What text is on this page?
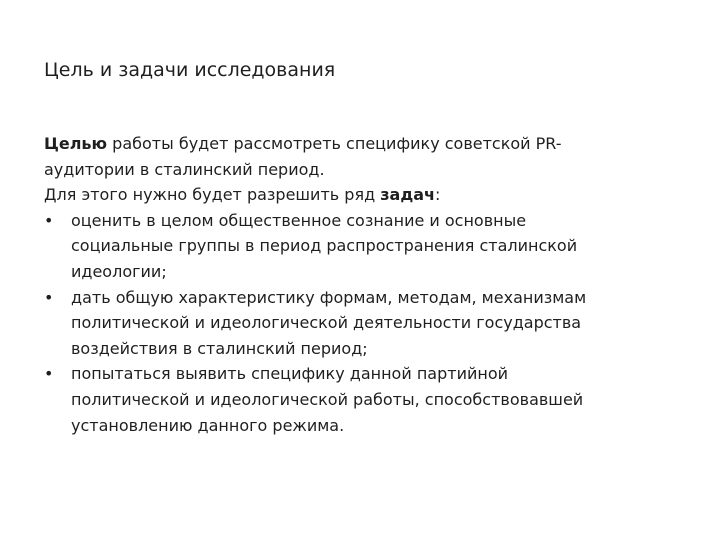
Цель и задачи исследования

Целью работы будет рассмотреть специфику советской PR-
аудитории в сталинский период.

Для этого нужно будет разрешить ряд задач:

•	оценить в целом общественное сознание и основные
социальные группы в период распространения сталинской
идеологии;
•	дать общую характеристику формам, методам, механизмам
политической и идеологической деятельности государства
воздействия в сталинский период;
•	попытаться выявить специфику данной партийной
политической и идеологической работы, способствовавшей
установлению данного режима.
